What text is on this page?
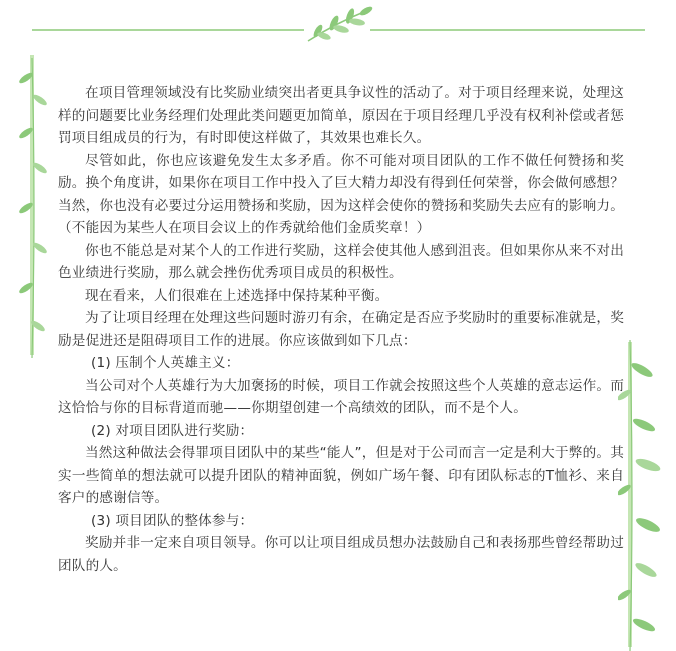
在项目管理领域没有比奖励业绩突出者更具争议性的活动了。对于项目经理来说，处理这样的问题要比业务经理们处理此类问题更加简单，原因在于项目经理几乎没有权利补偿或者惩罚项目组成员的行为，有时即使这样做了，其效果也难长久。

尽管如此，你也应该避免发生太多矛盾。你不可能对项目团队的工作不做任何赞扬和奖励。换个角度讲，如果你在项目工作中投入了巨大精力却没有得到任何荣誉，你会做何感想？当然，你也没有必要过分运用赞扬和奖励，因为这样会使你的赞扬和奖励失去应有的影响力。（不能因为某些人在项目会议上的作秀就给他们金质奖章！）

你也不能总是对某个人的工作进行奖励，这样会使其他人感到沮丧。但如果你从来不对出色业绩进行奖励，那么就会挫伤优秀项目成员的积极性。

现在看来，人们很难在上述选择中保持某种平衡。

为了让项目经理在处理这些问题时游刃有余，在确定是否应予奖励时的重要标准就是，奖励是促进还是阻碍项目工作的进展。你应该做到如下几点：

(1) 压制个人英雄主义：

当公司对个人英雄行为大加褒扬的时候，项目工作就会按照这些个人英雄的意志运作。而这恰恰与你的目标背道而驰——你期望创建一个高绩效的团队，而不是个人。

(2) 对项目团队进行奖励：

当然这种做法会得罪项目团队中的某些“能人”，但是对于公司而言一定是利大于弊的。其实一些简单的想法就可以提升团队的精神面貌，例如广场午餐、印有团队标志的T恤衫、来自客户的感谢信等。

(3) 项目团队的整体参与：

奖励并非一定来自项目领导。你可以让项目组成员想办法鼓励自己和表扬那些曾经帮助过团队的人。
